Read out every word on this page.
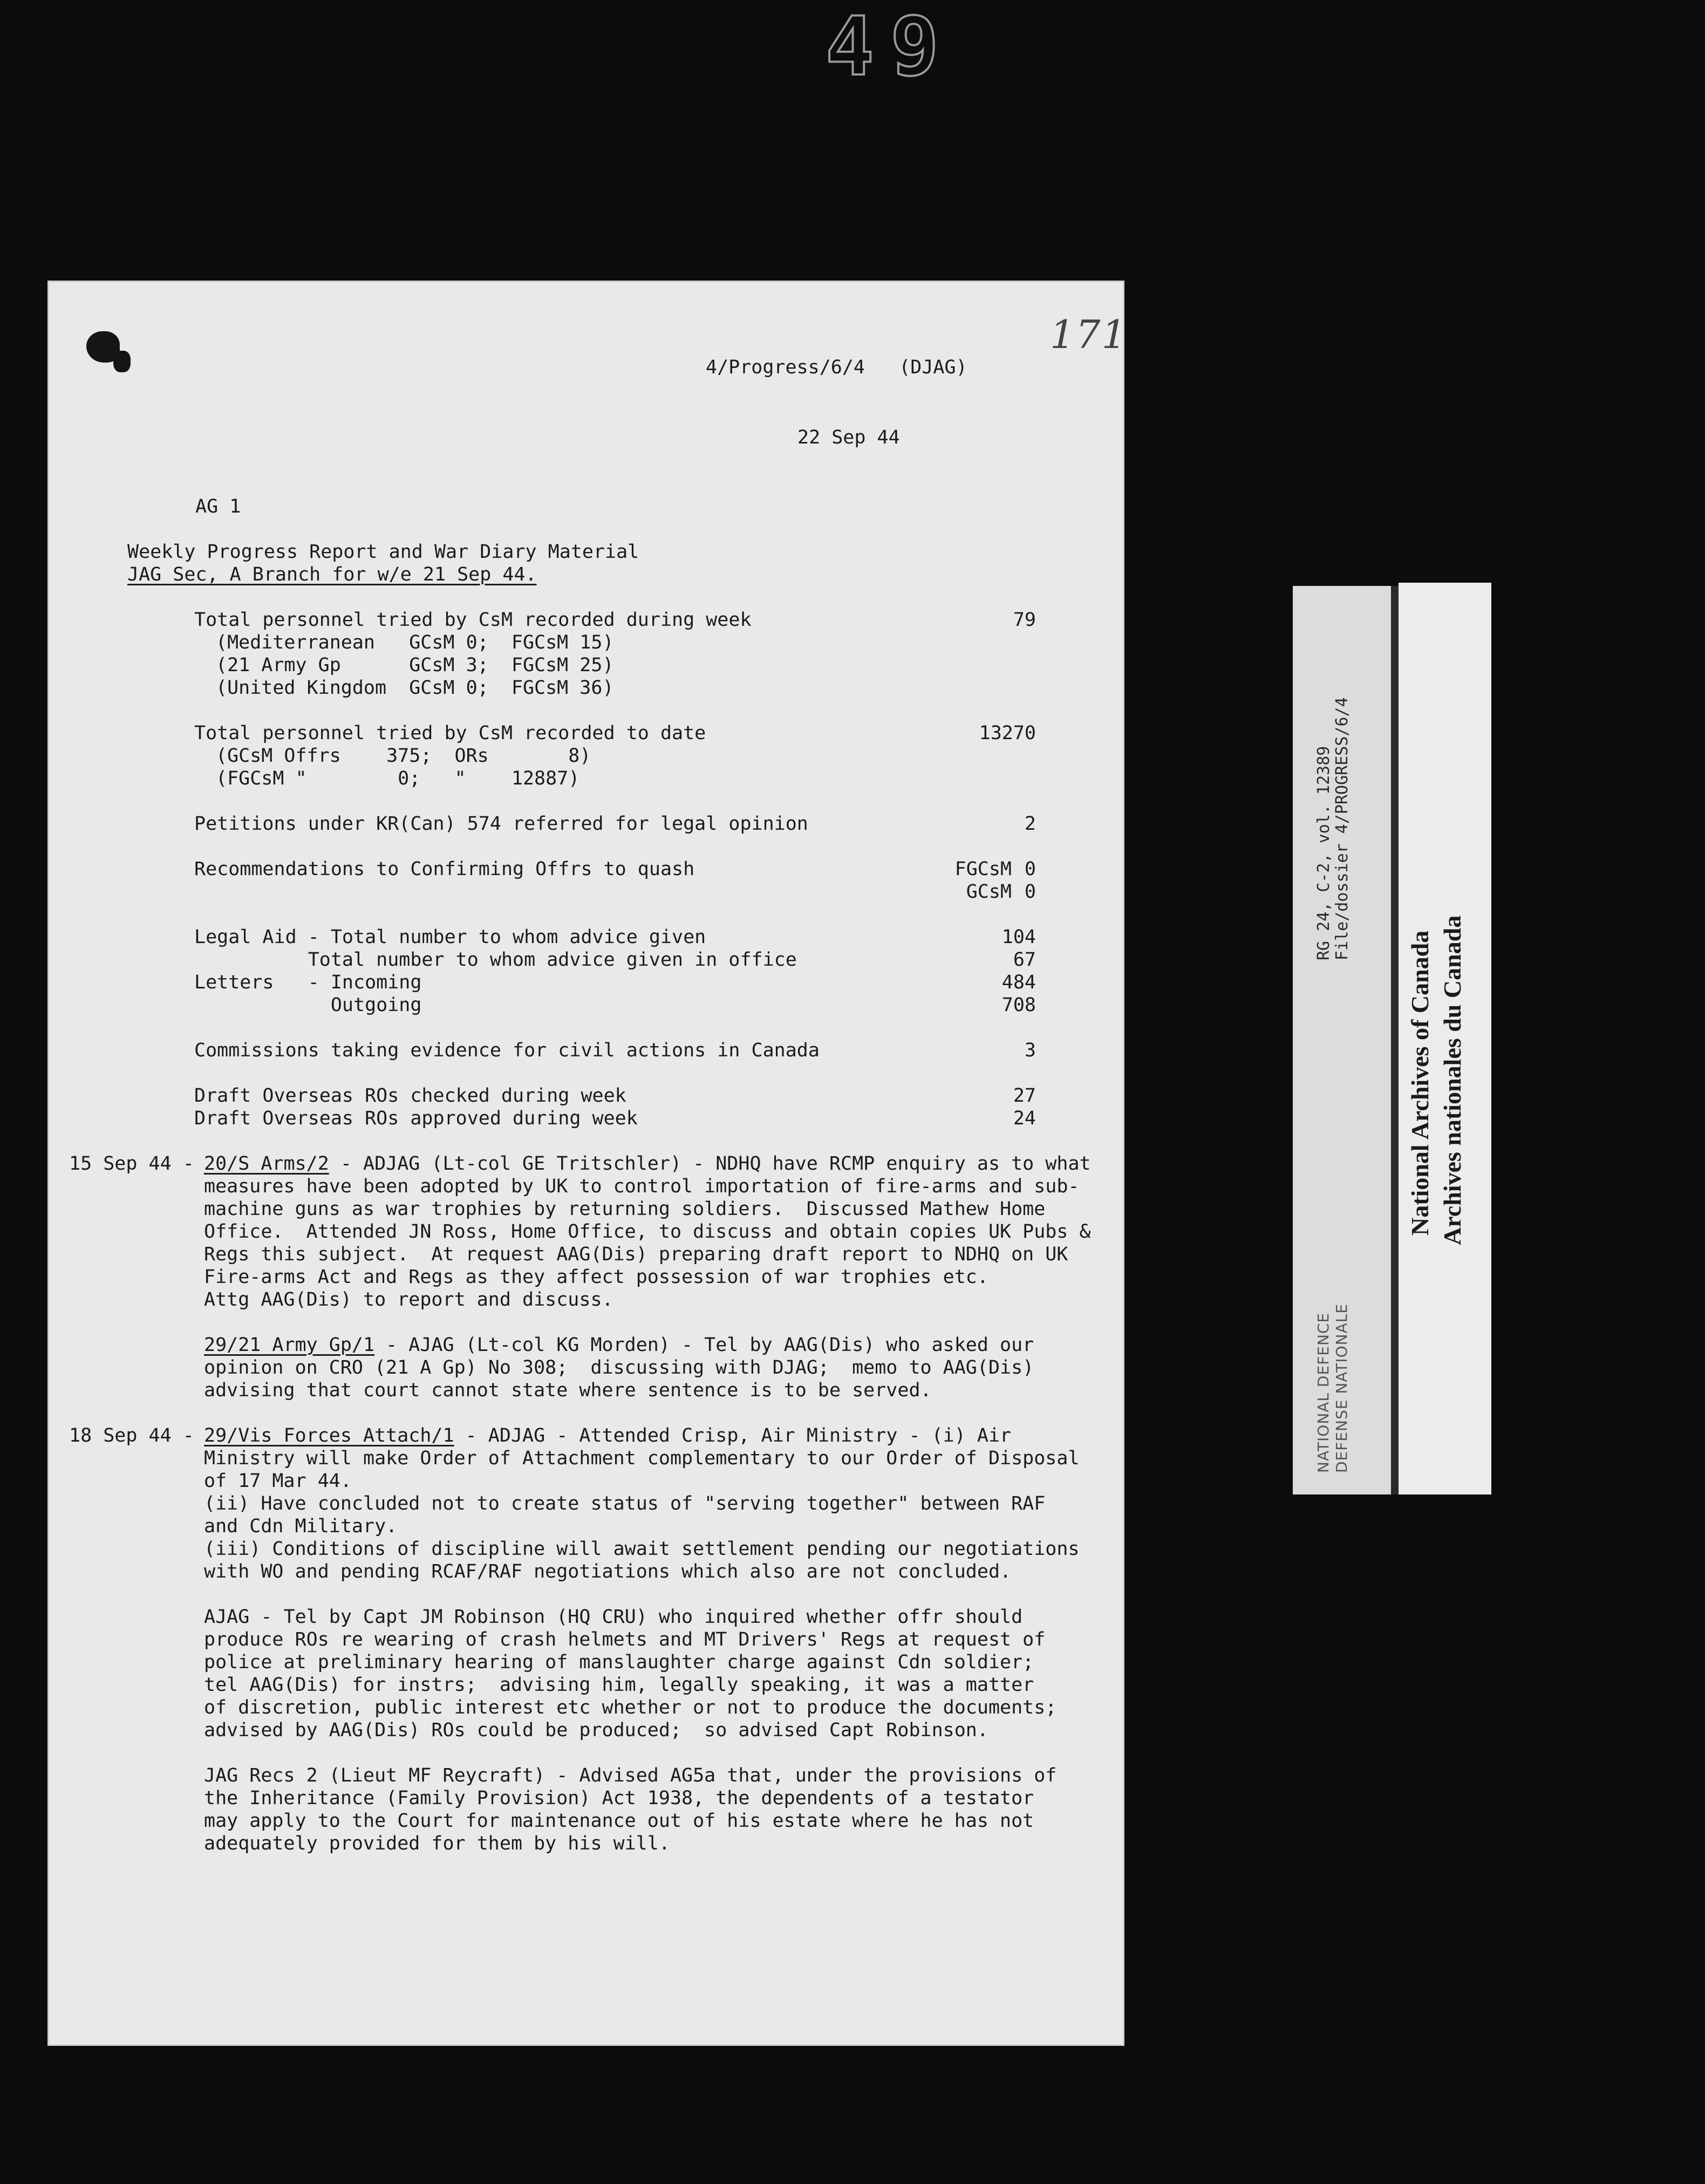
49
171
4/Progress/6/4   (DJAG)
22 Sep 44
AG 1
Weekly Progress Report and War Diary Material
JAG Sec, A Branch for w/e 21 Sep 44.
Total personnel tried by CsM recorded during week	79
(Mediterranean   GCsM 0;  FGCsM 15)
(21 Army Gp      GCsM 3;  FGCsM 25)
(United Kingdom  GCsM 0;  FGCsM 36)
Total personnel tried by CsM recorded to date	13270
(GCsM Offrs    375;  ORs       8)
(FGCsM "        0;   "    12887)
Petitions under KR(Can) 574 referred for legal opinion	2
Recommendations to Confirming Offrs to quash	FGCsM 0
GCsM 0
Legal Aid - Total number to whom advice given	104
Total number to whom advice given in office	67
Letters   - Incoming	484
Outgoing	708
Commissions taking evidence for civil actions in Canada	3
Draft Overseas ROs checked during week	27
Draft Overseas ROs approved during week	24
15 Sep 44 - 20/S Arms/2 - ADJAG (Lt-col GE Tritschler) - NDHQ have RCMP enquiry as to what
measures have been adopted by UK to control importation of fire-arms and sub-
machine guns as war trophies by returning soldiers.  Discussed Mathew Home
Office.  Attended JN Ross, Home Office, to discuss and obtain copies UK Pubs &
Regs this subject.  At request AAG(Dis) preparing draft report to NDHQ on UK
Fire-arms Act and Regs as they affect possession of war trophies etc.
Attg AAG(Dis) to report and discuss.
29/21 Army Gp/1 - AJAG (Lt-col KG Morden) - Tel by AAG(Dis) who asked our
opinion on CRO (21 A Gp) No 308;  discussing with DJAG;  memo to AAG(Dis)
advising that court cannot state where sentence is to be served.
18 Sep 44 - 29/Vis Forces Attach/1 - ADJAG - Attended Crisp, Air Ministry - (i) Air
Ministry will make Order of Attachment complementary to our Order of Disposal
of 17 Mar 44.
(ii) Have concluded not to create status of "serving together" between RAF
and Cdn Military.
(iii) Conditions of discipline will await settlement pending our negotiations
with WO and pending RCAF/RAF negotiations which also are not concluded.
AJAG - Tel by Capt JM Robinson (HQ CRU) who inquired whether offr should
produce ROs re wearing of crash helmets and MT Drivers' Regs at request of
police at preliminary hearing of manslaughter charge against Cdn soldier;
tel AAG(Dis) for instrs;  advising him, legally speaking, it was a matter
of discretion, public interest etc whether or not to produce the documents;
advised by AAG(Dis) ROs could be produced;  so advised Capt Robinson.
JAG Recs 2 (Lieut MF Reycraft) - Advised AG5a that, under the provisions of
the Inheritance (Family Provision) Act 1938, the dependents of a testator
may apply to the Court for maintenance out of his estate where he has not
adequately provided for them by his will.
RG 24, C-2, vol. 12389 File/dossier 4/PROGRESS/6/4
NATIONAL DEFENCE DEFENSE NATIONALE
National Archives of Canada Archives nationales du Canada
